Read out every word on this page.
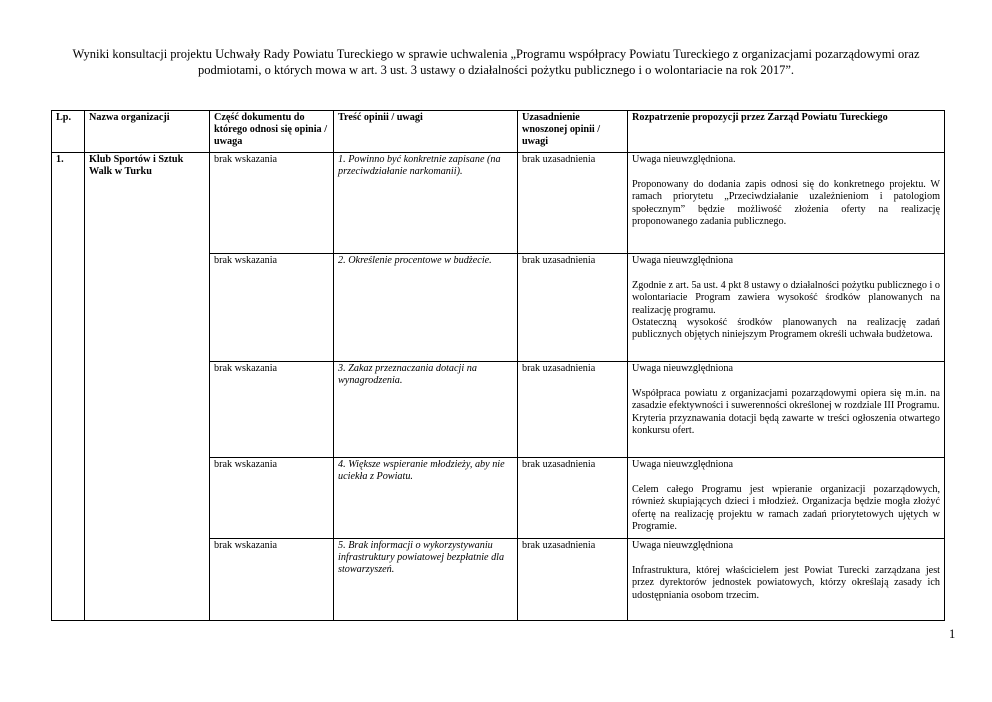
Wyniki konsultacji projektu Uchwały Rady Powiatu Tureckiego w sprawie uchwalenia „Programu współpracy Powiatu Tureckiego z organizacjami pozarządowymi oraz podmiotami, o których mowa w art. 3 ust. 3 ustawy o działalności pożytku publicznego i o wolontariacie na rok 2017”.
Lp.	Nazwa organizacji	Część dokumentu do którego odnosi się opinia / uwaga	Treść opinii / uwagi	Uzasadnienie wnoszonej opinii / uwagi	Rozpatrzenie propozycji przez Zarząd Powiatu Tureckiego
1.	Klub Sportów i Sztuk Walk w Turku	brak wskazania	1. Powinno być konkretnie zapisane (na przeciwdziałanie narkomanii).	brak uzasadnienia	Uwaga nieuwzględniona.
Proponowany do dodania zapis odnosi się do konkretnego projektu. W ramach priorytetu „Przeciwdziałanie uzależnieniom i patologiom społecznym” będzie możliwość złożenia oferty na realizację proponowanego zadania publicznego.

		brak wskazania	2. Określenie procentowe w budżecie.	brak uzasadnienia	Uwaga nieuwzględniona
Zgodnie z art. 5a ust. 4 pkt 8 ustawy o działalności pożytku publicznego i o wolontariacie Program zawiera wysokość środków planowanych na realizację programu.
Ostateczną wysokość środków planowanych na realizację zadań publicznych objętych niniejszym Programem określi uchwała budżetowa.

		brak wskazania	3. Zakaz przeznaczania dotacji na wynagrodzenia.	brak uzasadnienia	Uwaga nieuwzględniona
Współpraca powiatu z organizacjami pozarządowymi opiera się m.in. na zasadzie efektywności i suwerenności określonej w rozdziale III Programu.
Kryteria przyznawania dotacji będą zawarte w treści ogłoszenia otwartego konkursu ofert.

		brak wskazania	4. Większe wspieranie młodzieży, aby nie uciekła z Powiatu.	brak uzasadnienia	Uwaga nieuwzględniona
Celem całego Programu jest wpieranie organizacji pozarządowych, również skupiających dzieci i młodzież. Organizacja będzie mogła złożyć ofertę na realizację projektu w ramach zadań priorytetowych ujętych w Programie.

		brak wskazania	5. Brak informacji o wykorzystywaniu infrastruktury powiatowej bezpłatnie dla stowarzyszeń.	brak uzasadnienia	Uwaga nieuwzględniona
Infrastruktura, której właścicielem jest Powiat Turecki zarządzana jest przez dyrektorów jednostek powiatowych, którzy określają zasady ich udostępniania osobom trzecim.
1
